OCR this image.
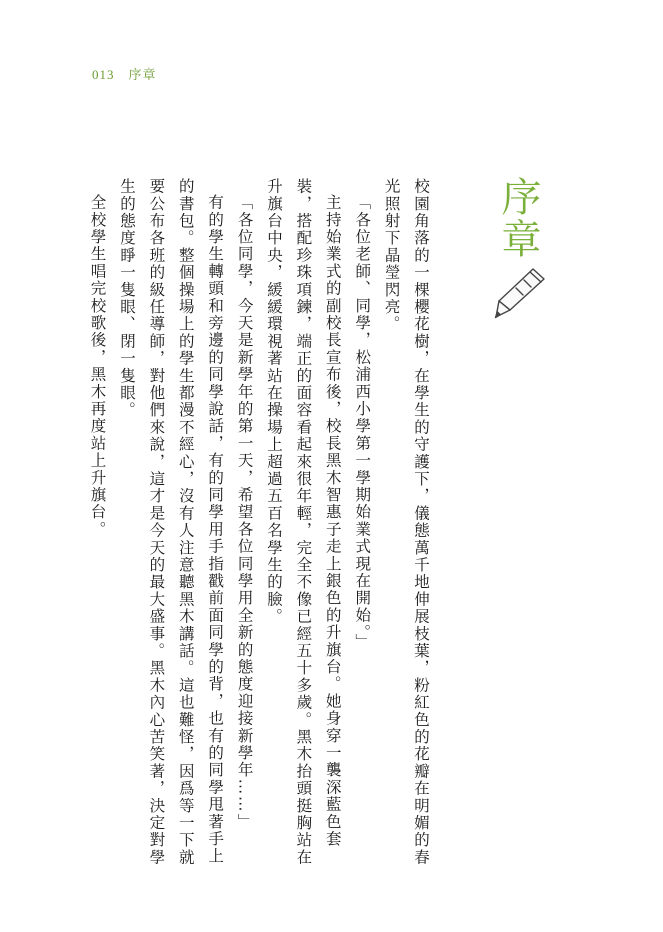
013 序章
序章

校園角落的一棵櫻花樹，在學生的守護下，儀態萬千地伸展枝葉，粉紅色的花瓣在明媚的春光照射下晶瑩閃亮。

「各位老師、同學，松浦西小學第一學期始業式現在開始。」

主持始業式的副校長宣布後，校長黑木智惠子走上銀色的升旗台。她身穿一襲深藍色套裝，搭配珍珠項鍊，端正的面容看起來很年輕，完全不像已經五十多歲。黑木抬頭挺胸站在升旗台中央，緩緩環視著站在操場上超過五百名學生的臉。

「各位同學，今天是新學年的第一天，希望各位同學用全新的態度迎接新學年……」

有的學生轉頭和旁邊的同學說話，有的同學用手指戳前面同學的背，也有的同學甩著手上的書包。整個操場上的學生都漫不經心，沒有人注意聽黑木講話。這也難怪，因爲等一下就要公布各班的級任導師，對他們來說，這才是今天的最大盛事。黑木內心苦笑著，決定對學生的態度睜一隻眼、閉一隻眼。

全校學生唱完校歌後，黑木再度站上升旗台。
